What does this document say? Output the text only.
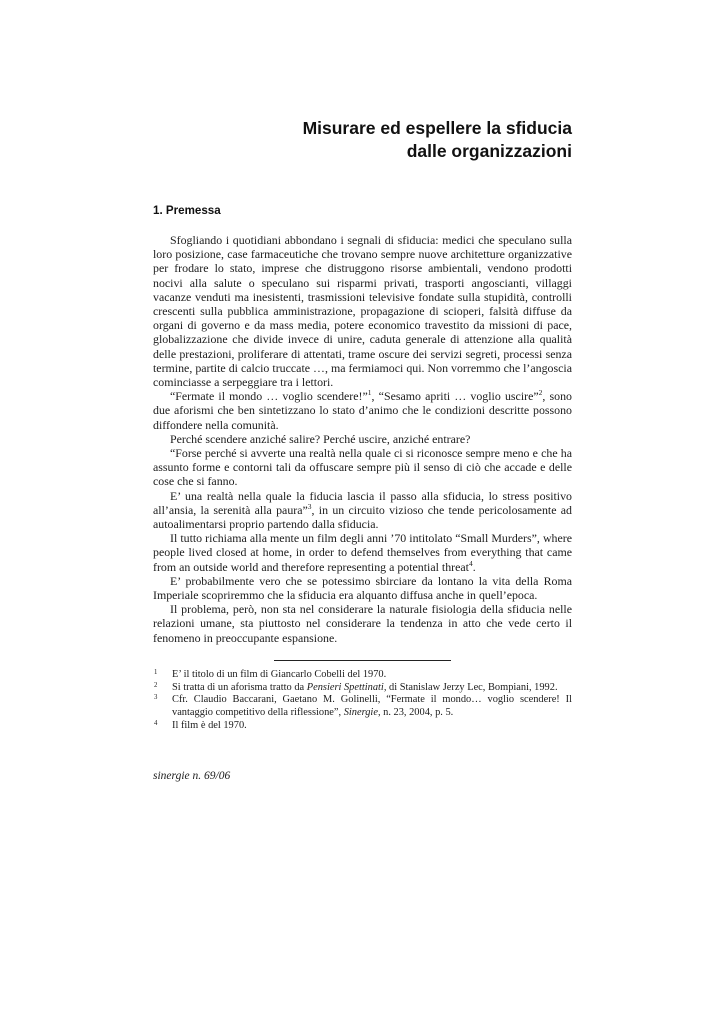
Misurare ed espellere la sfiducia
dalle organizzazioni
1. Premessa

Sfogliando i quotidiani abbondano i segnali di sfiducia: medici che speculano sulla loro posizione, case farmaceutiche che trovano sempre nuove architetture organizzative per frodare lo stato, imprese che distruggono risorse ambientali, vendono prodotti nocivi alla salute o speculano sui risparmi privati, trasporti angoscianti, villaggi vacanze venduti ma inesistenti, trasmissioni televisive fondate sulla stupidità, controlli crescenti sulla pubblica amministrazione, propagazione di scioperi, falsità diffuse da organi di governo e da mass media, potere economico travestito da missioni di pace, globalizzazione che divide invece di unire, caduta generale di attenzione alla qualità delle prestazioni, proliferare di attentati, trame oscure dei servizi segreti, processi senza termine, partite di calcio truccate …, ma fermiamoci qui. Non vorremmo che l’angoscia cominciasse a serpeggiare tra i lettori.

“Fermate il mondo … voglio scendere!”$^1$, “Sesamo apriti … voglio uscire”$^2$, sono due aforismi che ben sintetizzano lo stato d’animo che le condizioni descritte possono diffondere nella comunità.

Perché scendere anziché salire? Perché uscire, anziché entrare?

“Forse perché si avverte una realtà nella quale ci si riconosce sempre meno e che ha assunto forme e contorni tali da offuscare sempre più il senso di ciò che accade e delle cose che si fanno.

E’ una realtà nella quale la fiducia lascia il passo alla sfiducia, lo stress positivo all’ansia, la serenità alla paura”$^3$, in un circuito vizioso che tende pericolosamente ad autoalimentarsi proprio partendo dalla sfiducia.

Il tutto richiama alla mente un film degli anni ’70 intitolato “Small Murders”, where people lived closed at home, in order to defend themselves from everything that came from an outside world and therefore representing a potential threat$^4$.

E’ probabilmente vero che se potessimo sbirciare da lontano la vita della Roma Imperiale scopriremmo che la sfiducia era alquanto diffusa anche in quell’epoca.

Il problema, però, non sta nel considerare la naturale fisiologia della sfiducia nelle relazioni umane, sta piuttosto nel considerare la tendenza in atto che vede certo il fenomeno in preoccupante espansione.

1 E’ il titolo di un film di Giancarlo Cobelli del 1970.
2 Si tratta di un aforisma tratto da Pensieri Spettinati, di Stanislaw Jerzy Lec, Bompiani, 1992.
3 Cfr. Claudio Baccarani, Gaetano M. Golinelli, “Fermate il mondo… voglio scendere! Il vantaggio competitivo della riflessione”, Sinergie, n. 23, 2004, p. 5.
4 Il film è del 1970.
sinergie n. 69/06
